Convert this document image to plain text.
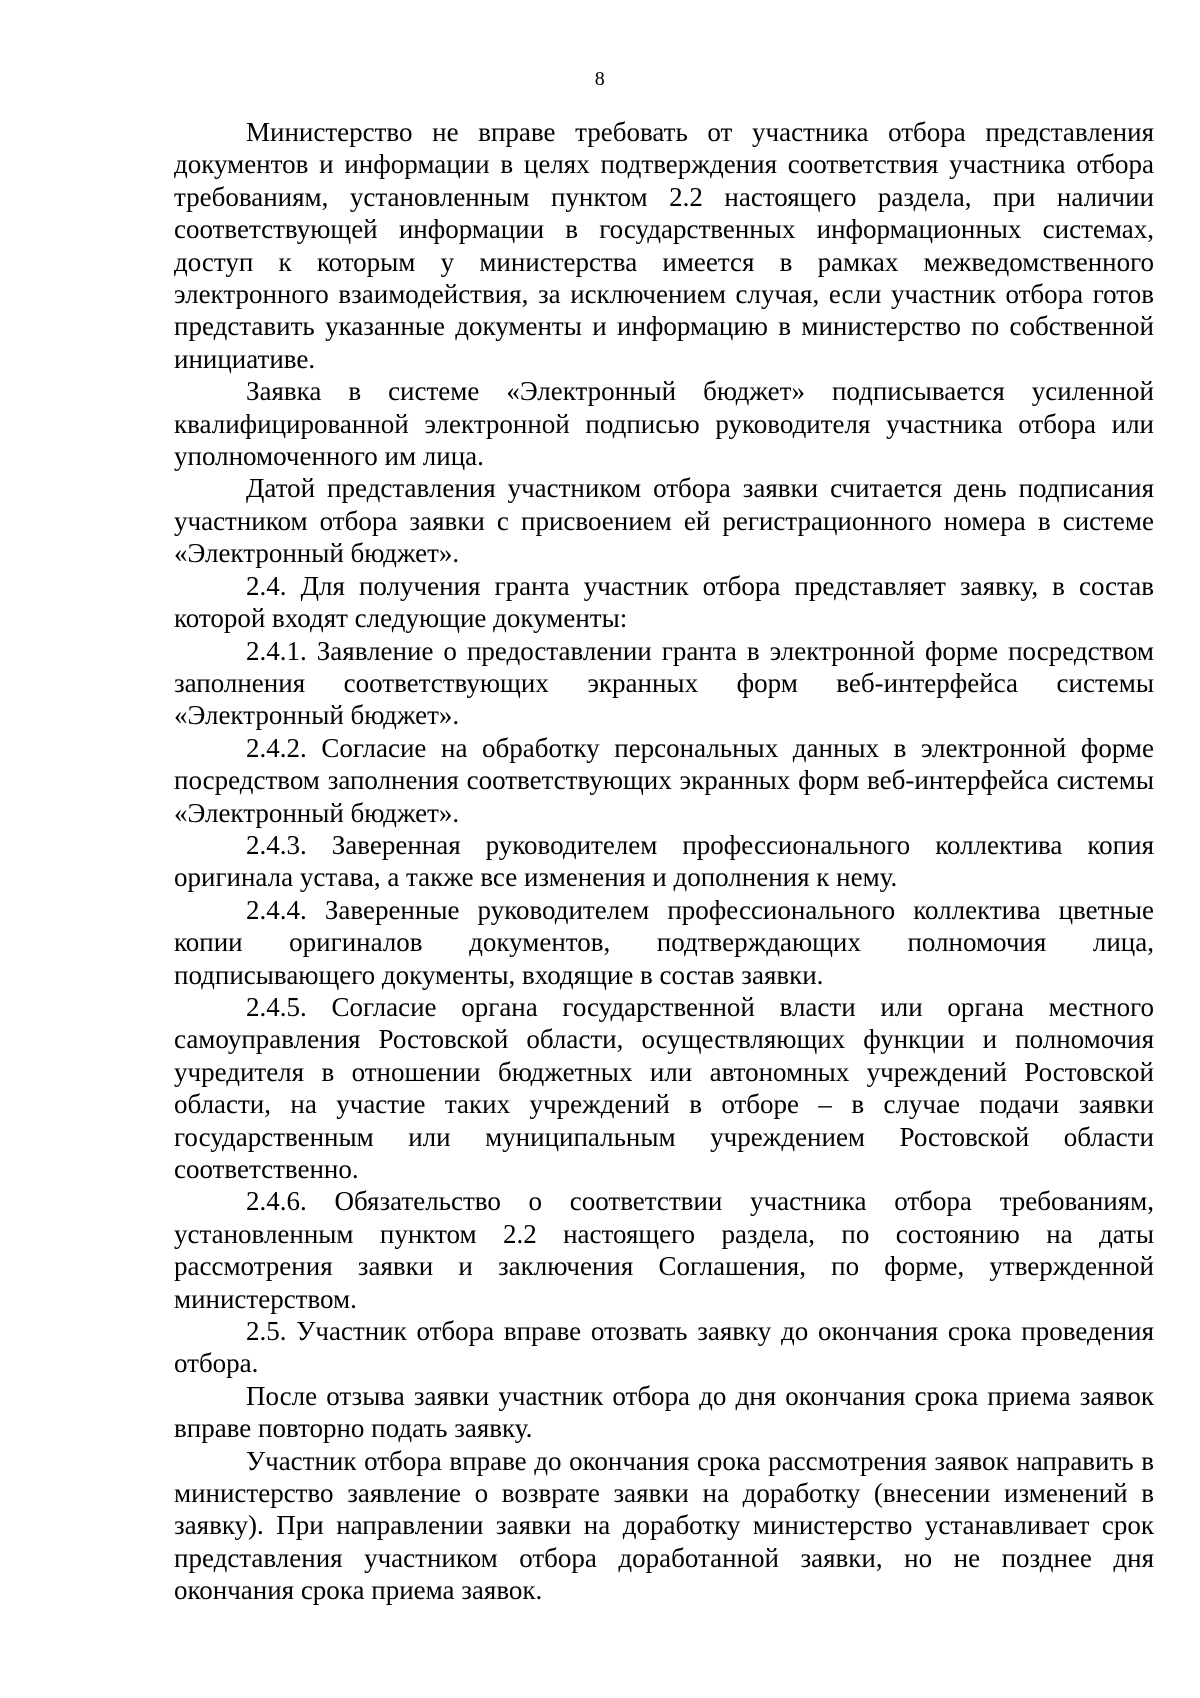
8

Министерство не вправе требовать от участника отбора представления документов и информации в целях подтверждения соответствия участника отбора требованиям, установленным пунктом 2.2 настоящего раздела, при наличии соответствующей информации в государственных информационных системах, доступ к которым у министерства имеется в рамках межведомственного электронного взаимодействия, за исключением случая, если участник отбора готов представить указанные документы и информацию в министерство по собственной инициативе.

Заявка в системе «Электронный бюджет» подписывается усиленной квалифицированной электронной подписью руководителя участника отбора или уполномоченного им лица.

Датой представления участником отбора заявки считается день подписания участником отбора заявки с присвоением ей регистрационного номера в системе «Электронный бюджет».

2.4. Для получения гранта участник отбора представляет заявку, в состав которой входят следующие документы:

2.4.1. Заявление о предоставлении гранта в электронной форме посредством заполнения соответствующих экранных форм веб-интерфейса системы «Электронный бюджет».

2.4.2. Согласие на обработку персональных данных в электронной форме посредством заполнения соответствующих экранных форм веб-интерфейса системы «Электронный бюджет».

2.4.3. Заверенная руководителем профессионального коллектива копия оригинала устава, а также все изменения и дополнения к нему.

2.4.4. Заверенные руководителем профессионального коллектива цветные копии оригиналов документов, подтверждающих полномочия лица, подписывающего документы, входящие в состав заявки.

2.4.5. Согласие органа государственной власти или органа местного самоуправления Ростовской области, осуществляющих функции и полномочия учредителя в отношении бюджетных или автономных учреждений Ростовской области, на участие таких учреждений в отборе – в случае подачи заявки государственным или муниципальным учреждением Ростовской области соответственно.

2.4.6. Обязательство о соответствии участника отбора требованиям, установленным пунктом 2.2 настоящего раздела, по состоянию на даты рассмотрения заявки и заключения Соглашения, по форме, утвержденной министерством.

2.5. Участник отбора вправе отозвать заявку до окончания срока проведения отбора.

После отзыва заявки участник отбора до дня окончания срока приема заявок вправе повторно подать заявку.

Участник отбора вправе до окончания срока рассмотрения заявок направить в министерство заявление о возврате заявки на доработку (внесении изменений в заявку). При направлении заявки на доработку министерство устанавливает срок представления участником отбора доработанной заявки, но не позднее дня окончания срока приема заявок.
